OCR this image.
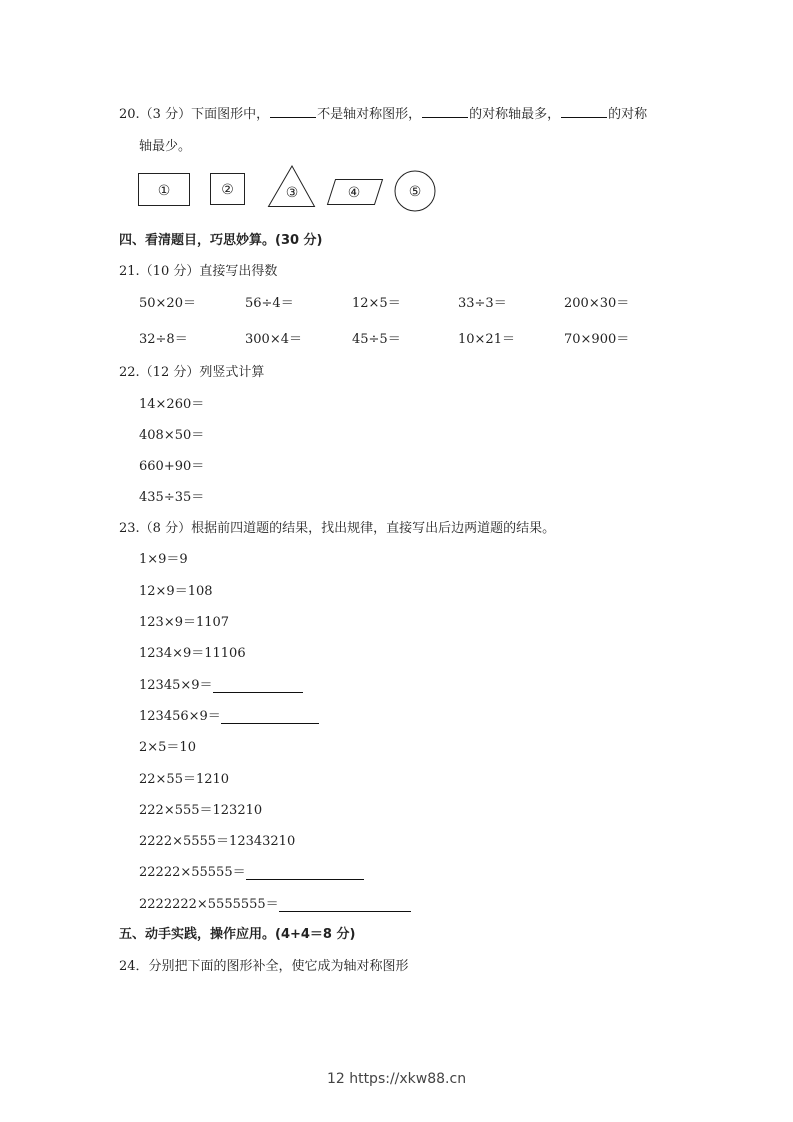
20.（3 分）下面图形中，	不是轴对称图形，	的对称轴最多，	的对称
轴最少。
①	②	③	④	⑤
四、看清题目，巧思妙算。(30 分)
21.（10 分）直接写出得数
50×20＝	56÷4＝	12×5＝	33÷3＝	200×30＝
32÷8＝	300×4＝	45÷5＝	10×21＝	70×900＝
22.（12 分）列竖式计算
14×260＝
408×50＝
660+90＝
435÷35＝
23.（8 分）根据前四道题的结果，找出规律，直接写出后边两道题的结果。
1×9＝9
12×9＝108
123×9＝1107
1234×9＝11106
12345×9＝
123456×9＝
2×5＝10
22×55＝1210
222×555＝123210
2222×5555＝12343210
22222×55555＝
2222222×5555555＝
五、动手实践，操作应用。(4+4＝8 分)
24．分别把下面的图形补全，使它成为轴对称图形
12 https://xkw88.cn
